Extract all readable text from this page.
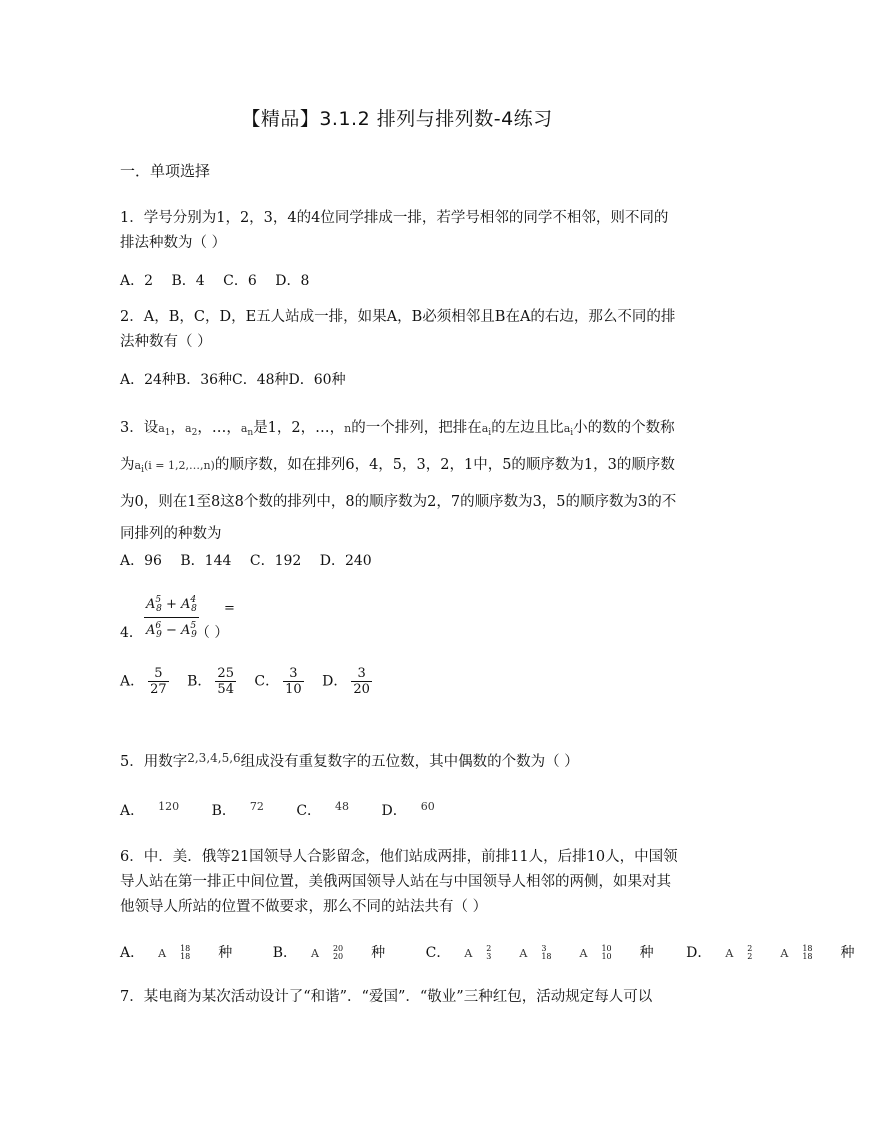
【精品】3.1.2 排列与排列数-4练习
一．单项选择
1．学号分别为1，2，3，4的4位同学排成一排，若学号相邻的同学不相邻，则不同的排法种数为（ ）
A．2 B．4 C．6 D．8
2．A，B，C，D，E五人站成一排，如果A，B必须相邻且B在A的右边，那么不同的排法种数有（ ）
A．24种B．36种C．48种D．60种
3．设$a_1$，$a_2$，…，$a_n$是1，2，…，n的一个排列，把排在$a_i$的左边且比$a_i$小的数的个数称
为$a_i(i$ = 1,2,…,n)的顺序数，如在排列6，4，5，3，2，1中，5的顺序数为1，3的顺序数为0，则在1至8这8个数的排列中，8的顺序数为2，7的顺序数为3，5的顺序数为3的不同排列的种数为
A．96 B．144 C．192 D．240
$A^5_8 + A^4_8$
$A^6_9 - A^5_9$
=
4．	（ ）
A． $\frac{5}{27}$ B． $\frac{25}{54}$ C． $\frac{3}{10}$ D． $\frac{3}{20}$
5．用数字$^{2,3,4,5,6}$组成没有重复数字的五位数，其中偶数的个数为（ ）
A． $^{120}$ B． $^{72}$ C． $^{48}$ D． $^{60}$
6．中．美．俄等21国领导人合影留念，他们站成两排，前排11人，后排10人，中国领导人站在第一排正中间位置，美俄两国领导人站在与中国领导人相邻的两侧，如果对其他领导人所站的位置不做要求，那么不同的站法共有（ ）
A． A 18
18 种	B． A 20
20 种	C． A 2
3	A 3
18	A 10
10 种 D． A 2
2	A 18
18 种
7．某电商为某次活动设计了“和谐”．“爱国”．“敬业”三种红包，活动规定每人可以
